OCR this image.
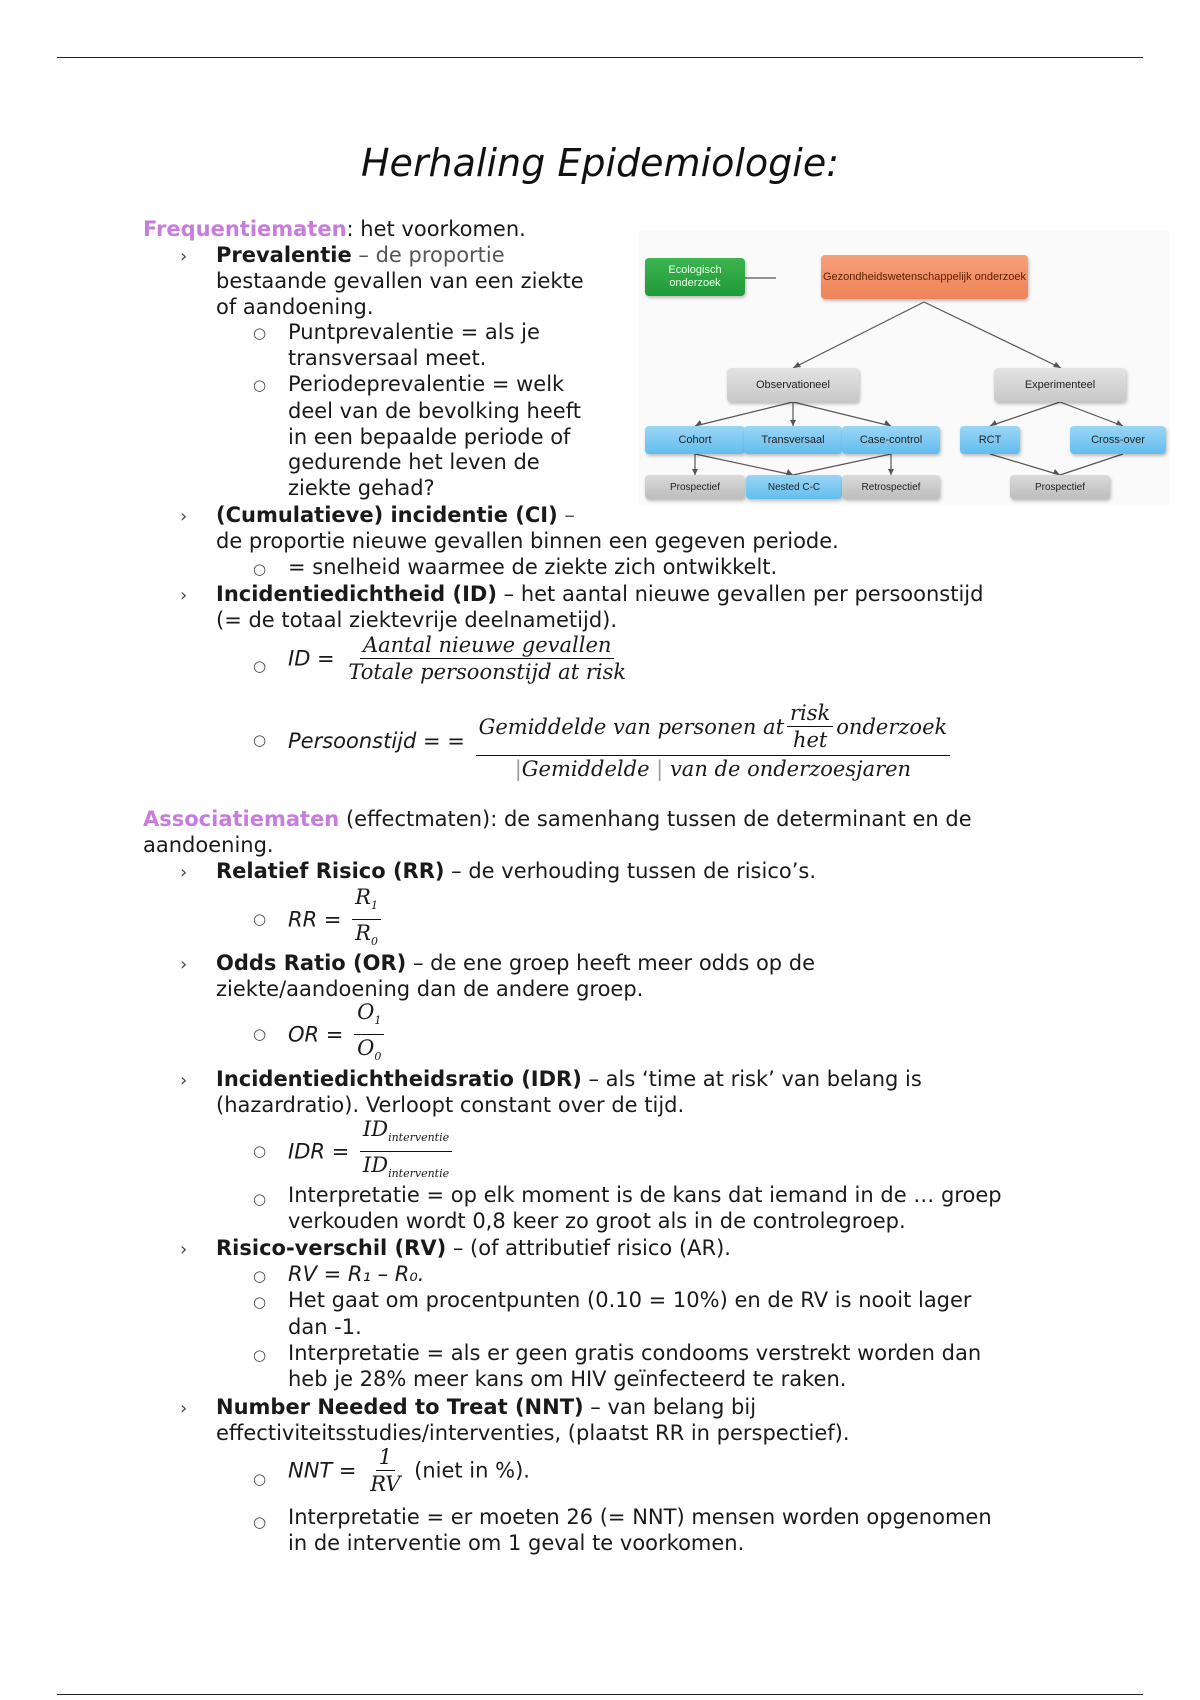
Herhaling Epidemiologie:
Frequentiematen: het voorkomen.
› Prevalentie – de proportie
bestaande gevallen van een ziekte
of aandoening.
○ Puntprevalentie = als je
transversaal meet.
○ Periodeprevalentie = welk
deel van de bevolking heeft
in een bepaalde periode of
gedurende het leven de
ziekte gehad?
› (Cumulatieve) incidentie (CI) –
de proportie nieuwe gevallen binnen een gegeven periode.
○ = snelheid waarmee de ziekte zich ontwikkelt.
› Incidentiedichtheid (ID) – het aantal nieuwe gevallen per persoonstijd
(= de totaal ziektevrije deelnametijd).
○ ID = $\frac{\text{Aantal nieuwe gevallen}}{\text{Totale persoonstijd at risk}}$
○ Persoonstijd = =
Gemiddelde van personen at $\frac{\text{risk}}{\text{het}}$ onderzoek
|Gemiddelde | van de onderzoesjaren
Ecologisch onderzoek
Gezondheidswetenschappelijk onderzoek
Observationeel	Experimenteel
Cohort	Transversaal	Case-control	RCT	Cross-over
Prospectief	Nested C-C	Retrospectief	Prospectief
Associatiematen (effectmaten): de samenhang tussen de determinant en de
aandoening.
› Relatief Risico (RR) – de verhouding tussen de risico’s.
○ RR = $\frac{R_1}{R_0}$
› Odds Ratio (OR) – de ene groep heeft meer odds op de
ziekte/aandoening dan de andere groep.
○ OR = $\frac{O_1}{O_0}$
› Incidentiedichtheidsratio (IDR) – als ‘time at risk’ van belang is
(hazardratio). Verloopt constant over de tijd.
○ IDR = $\frac{ID_{interventie}}{ID_{interventie}}$
○ Interpretatie = op elk moment is de kans dat iemand in de … groep
verkouden wordt 0,8 keer zo groot als in de controlegroep.
› Risico-verschil (RV) – (of attributief risico (AR).
○ RV = R₁ – R₀.
○ Het gaat om procentpunten (0.10 = 10%) en de RV is nooit lager
dan -1.
○ Interpretatie = als er geen gratis condooms verstrekt worden dan
heb je 28% meer kans om HIV geïnfecteerd te raken.
› Number Needed to Treat (NNT) – van belang bij
effectiviteitsstudies/interventies, (plaatst RR in perspectief).
○ NNT = $\frac{1}{RV}$ (niet in %).
○ Interpretatie = er moeten 26 (= NNT) mensen worden opgenomen
in de interventie om 1 geval te voorkomen.
